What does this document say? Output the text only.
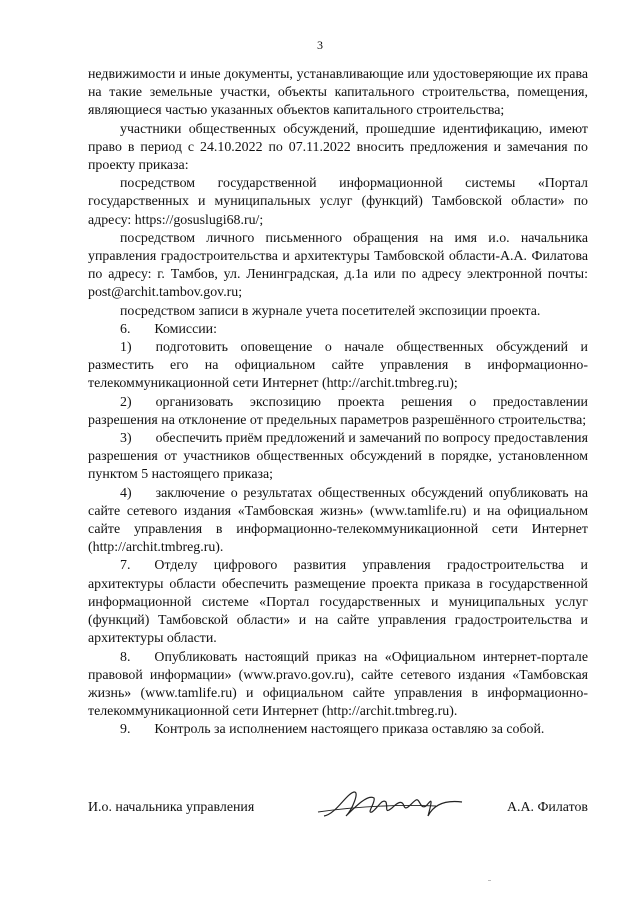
3

недвижимости и иные документы, устанавливающие или удостоверяющие их права на такие земельные участки, объекты капитального строительства, помещения, являющиеся частью указанных объектов капитального строительства;

участники общественных обсуждений, прошедшие идентификацию, имеют право в период с 24.10.2022 по 07.11.2022 вносить предложения и замечания по проекту приказа:

посредством государственной информационной системы «Портал государственных и муниципальных услуг (функций) Тамбовской области» по адресу: https://gosuslugi68.ru/;

посредством личного письменного обращения на имя и.о. начальника управления градостроительства и архитектуры Тамбовской области-А.А. Филатова по адресу: г. Тамбов, ул. Ленинградская, д.1а или по адресу электронной почты: post@archit.tambov.gov.ru;

посредством записи в журнале учета посетителей экспозиции проекта.

6. Комиссии:

1) подготовить оповещение о начале общественных обсуждений и разместить его на официальном сайте управления в информационно-телекоммуникационной сети Интернет (http://archit.tmbreg.ru);

2) организовать экспозицию проекта решения о предоставлении разрешения на отклонение от предельных параметров разрешённого строительства;

3) обеспечить приём предложений и замечаний по вопросу предоставления разрешения от участников общественных обсуждений в порядке, установленном пунктом 5 настоящего приказа;

4) заключение о результатах общественных обсуждений опубликовать на сайте сетевого издания «Тамбовская жизнь» (www.tamlife.ru) и на официальном сайте управления в информационно-телекоммуникационной сети Интернет (http://archit.tmbreg.ru).

7. Отделу цифрового развития управления градостроительства и архитектуры области обеспечить размещение проекта приказа в государственной информационной системе «Портал государственных и муниципальных услуг (функций) Тамбовской области» и на сайте управления градостроительства и архитектуры области.

8. Опубликовать настоящий приказ на «Официальном интернет-портале правовой информации» (www.pravo.gov.ru), сайте сетевого издания «Тамбовская жизнь» (www.tamlife.ru) и официальном сайте управления в информационно-телекоммуникационной сети Интернет (http://archit.tmbreg.ru).

9. Контроль за исполнением настоящего приказа оставляю за собой.

И.о. начальника управления	А.А. Филатов
